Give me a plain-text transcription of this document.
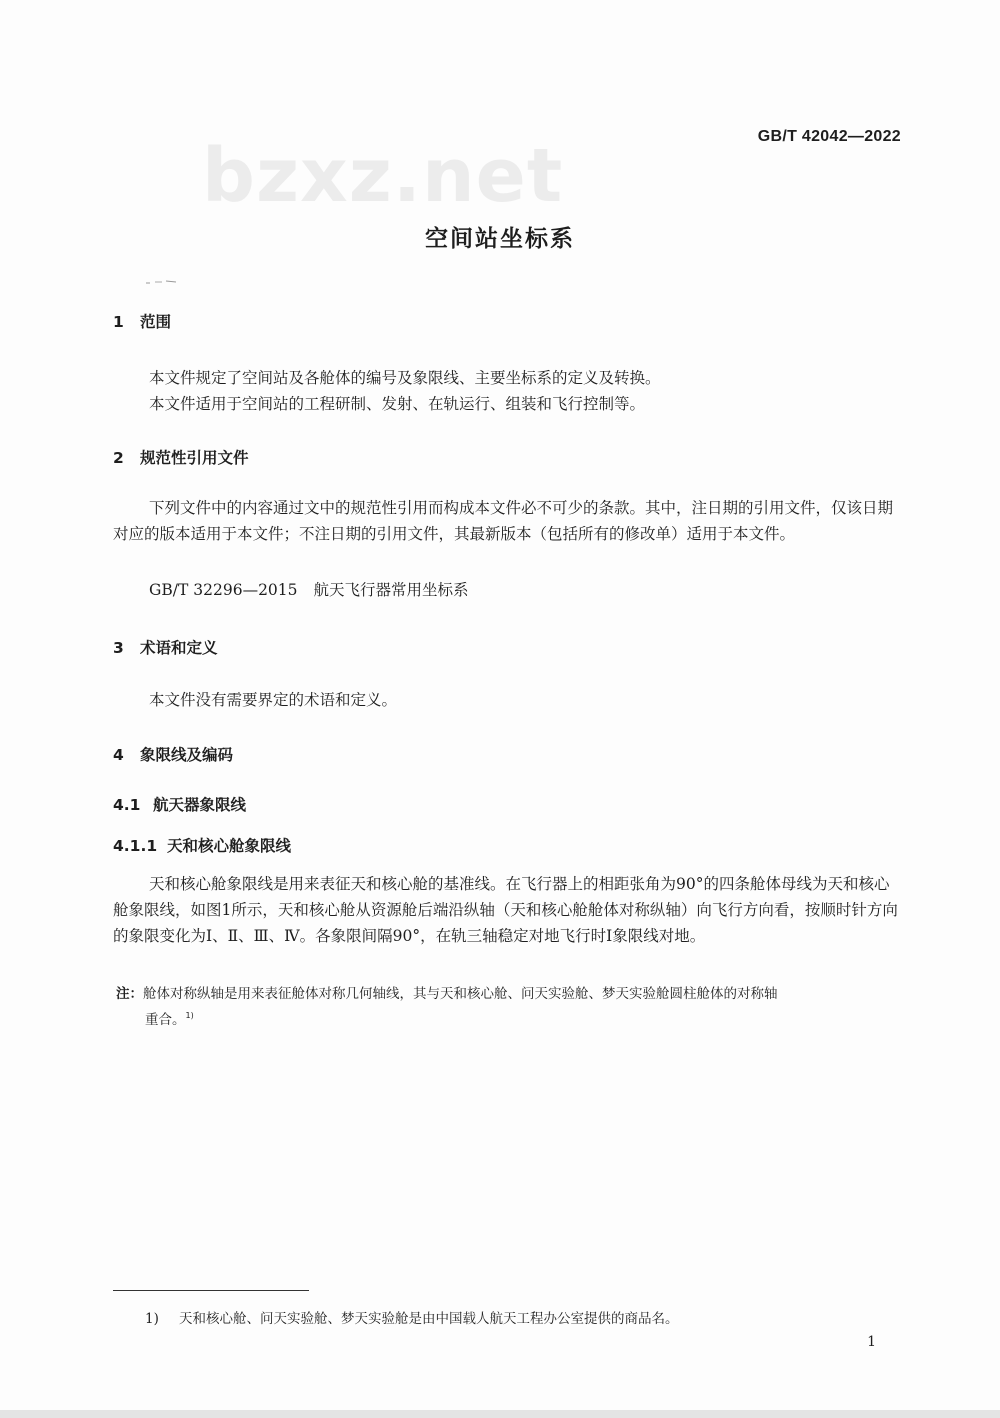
bzxz.net	GB/T 42042—2022
空间站坐标系
1 范围
本文件规定了空间站及各舱体的编号及象限线、主要坐标系的定义及转换。
本文件适用于空间站的工程研制、发射、在轨运行、组装和飞行控制等。
2 规范性引用文件
下列文件中的内容通过文中的规范性引用而构成本文件必不可少的条款。其中，注日期的引用文件，仅该日期对应的版本适用于本文件；不注日期的引用文件，其最新版本（包括所有的修改单）适用于本文件。
GB/T 32296—2015 航天飞行器常用坐标系
3 术语和定义
本文件没有需要界定的术语和定义。
4 象限线及编码
4.1 航天器象限线
4.1.1 天和核心舱象限线
天和核心舱象限线是用来表征天和核心舱的基准线。在飞行器上的相距张角为90°的四条舱体母线为天和核心舱象限线，如图1所示，天和核心舱从资源舱后端沿纵轴（天和核心舱舱体对称纵轴）向飞行方向看，按顺时针方向的象限变化为Ⅰ、Ⅱ、Ⅲ、Ⅳ。各象限间隔90°，在轨三轴稳定对地飞行时Ⅰ象限线对地。
注：舱体对称纵轴是用来表征舱体对称几何轴线，其与天和核心舱、问天实验舱、梦天实验舱圆柱舱体的对称轴
重合。$^{1)}$
1) 天和核心舱、问天实验舱、梦天实验舱是由中国载人航天工程办公室提供的商品名。
1
